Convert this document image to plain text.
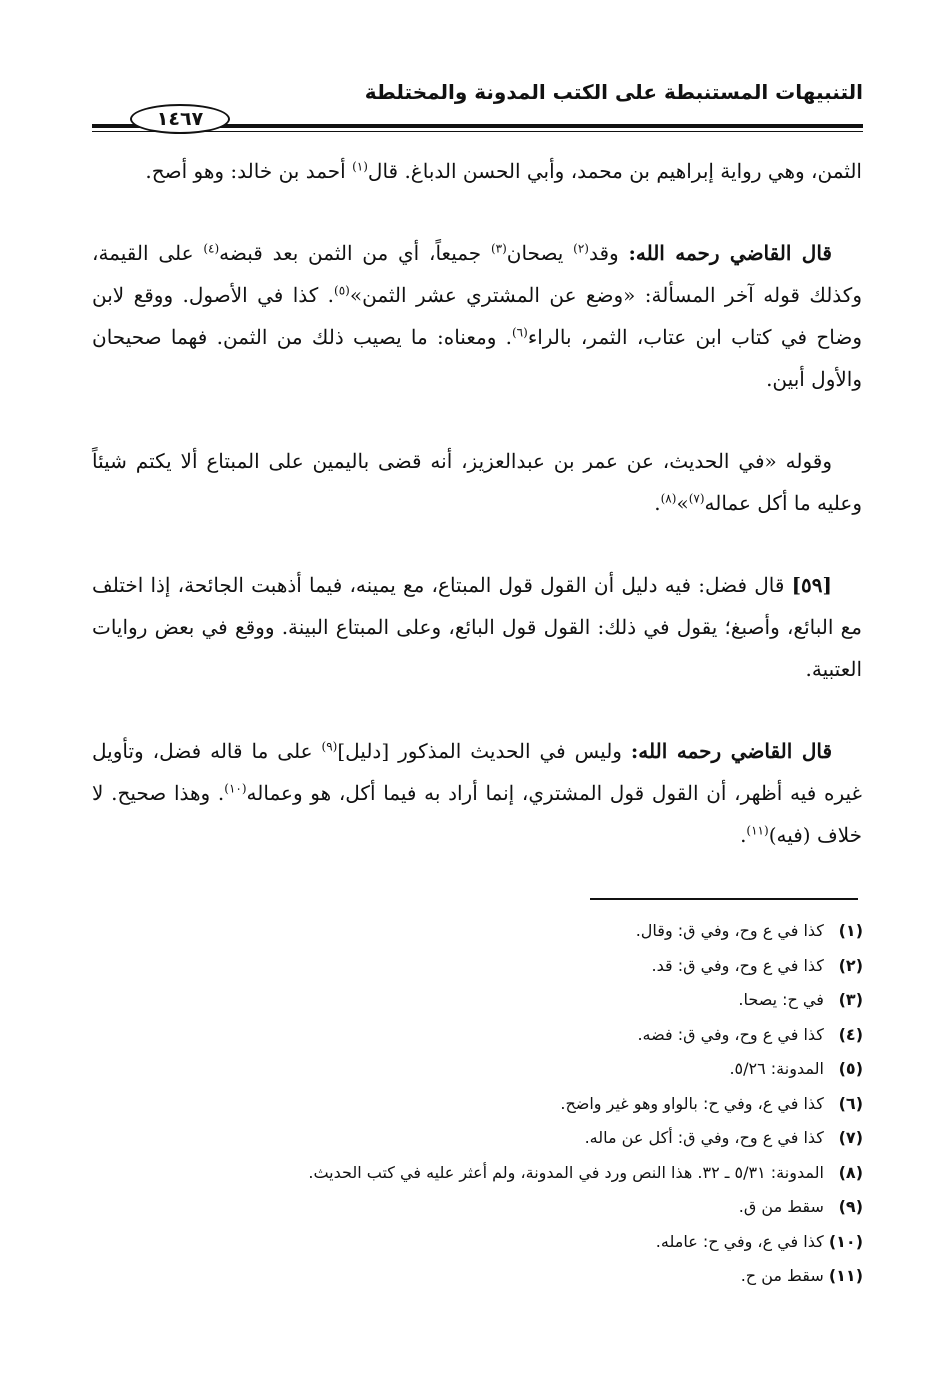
التنبيهات المستنبطة على الكتب المدونة والمختلطة
١٤٦٧

الثمن، وهي رواية إبراهيم بن محمد، وأبي الحسن الدباغ. قال$^{(١)}$ أحمد بن خالد: وهو أصح.

قال القاضي رحمه الله: وقد$^{(٢)}$ يصحان$^{(٣)}$ جميعاً، أي من الثمن بعد قبضه$^{(٤)}$ على القيمة، وكذلك قوله آخر المسألة: «وضع عن المشتري عشر الثمن»$^{(٥)}$. كذا في الأصول. ووقع لابن وضاح في كتاب ابن عتاب، الثمر، بالراء$^{(٦)}$. ومعناه: ما يصيب ذلك من الثمن. فهما صحيحان والأول أبين.

وقوله «في الحديث، عن عمر بن عبدالعزيز، أنه قضى باليمين على المبتاع ألا يكتم شيئاً وعليه ما أكل عماله$^{(٧)}$»$^{(٨)}$.

[٥٩] قال فضل: فيه دليل أن القول قول المبتاع، مع يمينه، فيما أذهبت الجائحة، إذا اختلف مع البائع، وأصبغ؛ يقول في ذلك: القول قول البائع، وعلى المبتاع البينة. ووقع في بعض روايات العتبية.

قال القاضي رحمه الله: وليس في الحديث المذكور [دليل]$^{(٩)}$ على ما قاله فضل، وتأويل غيره فيه أظهر، أن القول قول المشتري، إنما أراد به فيما أكل، هو وعماله$^{(١٠)}$. وهذا صحيح. لا خلاف (فيه)$^{(١١)}$.

(١) كذا في ع وح، وفي ق: وقال.
(٢) كذا في ع وح، وفي ق: قد.
(٣) في ح: يصحا.
(٤) كذا في ع وح، وفي ق: فضه.
(٥) المدونة: ٥/٢٦.
(٦) كذا في ع، وفي ح: بالواو وهو غير واضح.
(٧) كذا في ع وح، وفي ق: أكل عن ماله.
(٨) المدونة: ٥/٣١ ـ ٣٢. هذا النص ورد في المدونة، ولم أعثر عليه في كتب الحديث.
(٩) سقط من ق.
(١٠) كذا في ع، وفي ح: عامله.
(١١) سقط من ح.
